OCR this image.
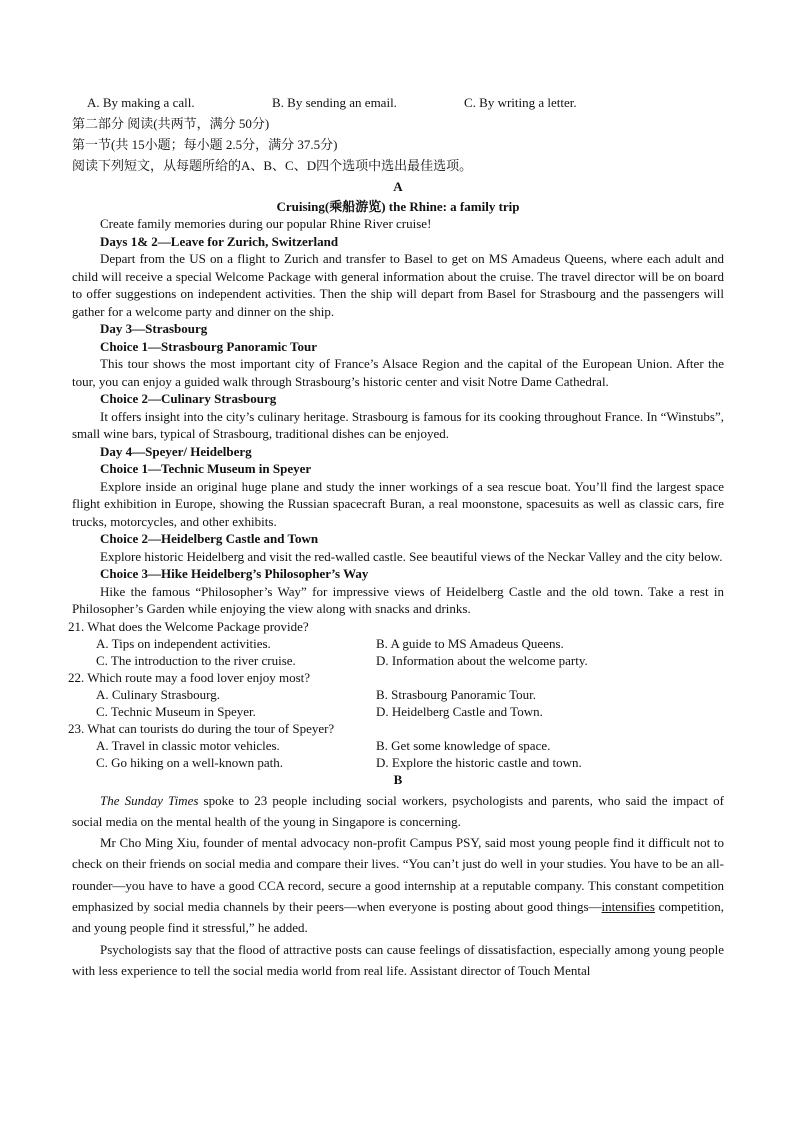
A. By making a call.	B. By sending an email.	C. By writing a letter.
第二部分 阅读(共两节，满分 50分)
第一节(共 15小题；每小题 2.5分，满分 37.5分)
阅读下列短文，从每题所给的A、B、C、D四个选项中选出最佳选项。
A
Cruising(乘船游览) the Rhine: a family trip
Create family memories during our popular Rhine River cruise!
Days 1& 2—Leave for Zurich, Switzerland
Depart from the US on a flight to Zurich and transfer to Basel to get on MS Amadeus Queens, where each adult and child will receive a special Welcome Package with general information about the cruise. The travel director will be on board to offer suggestions on independent activities. Then the ship will depart from Basel for Strasbourg and the passengers will gather for a welcome party and dinner on the ship.
Day 3—Strasbourg
Choice 1—Strasbourg Panoramic Tour
This tour shows the most important city of France’s Alsace Region and the capital of the European Union. After the tour, you can enjoy a guided walk through Strasbourg’s historic center and visit Notre Dame Cathedral.
Choice 2—Culinary Strasbourg
It offers insight into the city’s culinary heritage. Strasbourg is famous for its cooking throughout France. In “Winstubs”, small wine bars, typical of Strasbourg, traditional dishes can be enjoyed.
Day 4—Speyer/ Heidelberg
Choice 1—Technic Museum in Speyer
Explore inside an original huge plane and study the inner workings of a sea rescue boat. You’ll find the largest space flight exhibition in Europe, showing the Russian spacecraft Buran, a real moonstone, spacesuits as well as classic cars, fire trucks, motorcycles, and other exhibits.
Choice 2—Heidelberg Castle and Town
Explore historic Heidelberg and visit the red-walled castle. See beautiful views of the Neckar Valley and the city below.
Choice 3—Hike Heidelberg’s Philosopher’s Way
Hike the famous “Philosopher’s Way” for impressive views of Heidelberg Castle and the old town. Take a rest in Philosopher’s Garden while enjoying the view along with snacks and drinks.
21. What does the Welcome Package provide?
A. Tips on independent activities.	B. A guide to MS Amadeus Queens.
C. The introduction to the river cruise.	D. Information about the welcome party.
22. Which route may a food lover enjoy most?
A. Culinary Strasbourg.	B. Strasbourg Panoramic Tour.
C. Technic Museum in Speyer.	D. Heidelberg Castle and Town.
23. What can tourists do during the tour of Speyer?
A. Travel in classic motor vehicles.	B. Get some knowledge of space.
C. Go hiking on a well-known path.	D. Explore the historic castle and town.
B
The Sunday Times spoke to 23 people including social workers, psychologists and parents, who said the impact of social media on the mental health of the young in Singapore is concerning.
Mr Cho Ming Xiu, founder of mental advocacy non-profit Campus PSY, said most young people find it difficult not to check on their friends on social media and compare their lives. “You can’t just do well in your studies. You have to be an all-rounder—you have to have a good CCA record, secure a good internship at a reputable company. This constant competition emphasized by social media channels by their peers—when everyone is posting about good things—intensifies competition, and young people find it stressful,” he added.
Psychologists say that the flood of attractive posts can cause feelings of dissatisfaction, especially among young people with less experience to tell the social media world from real life. Assistant director of Touch Mental
